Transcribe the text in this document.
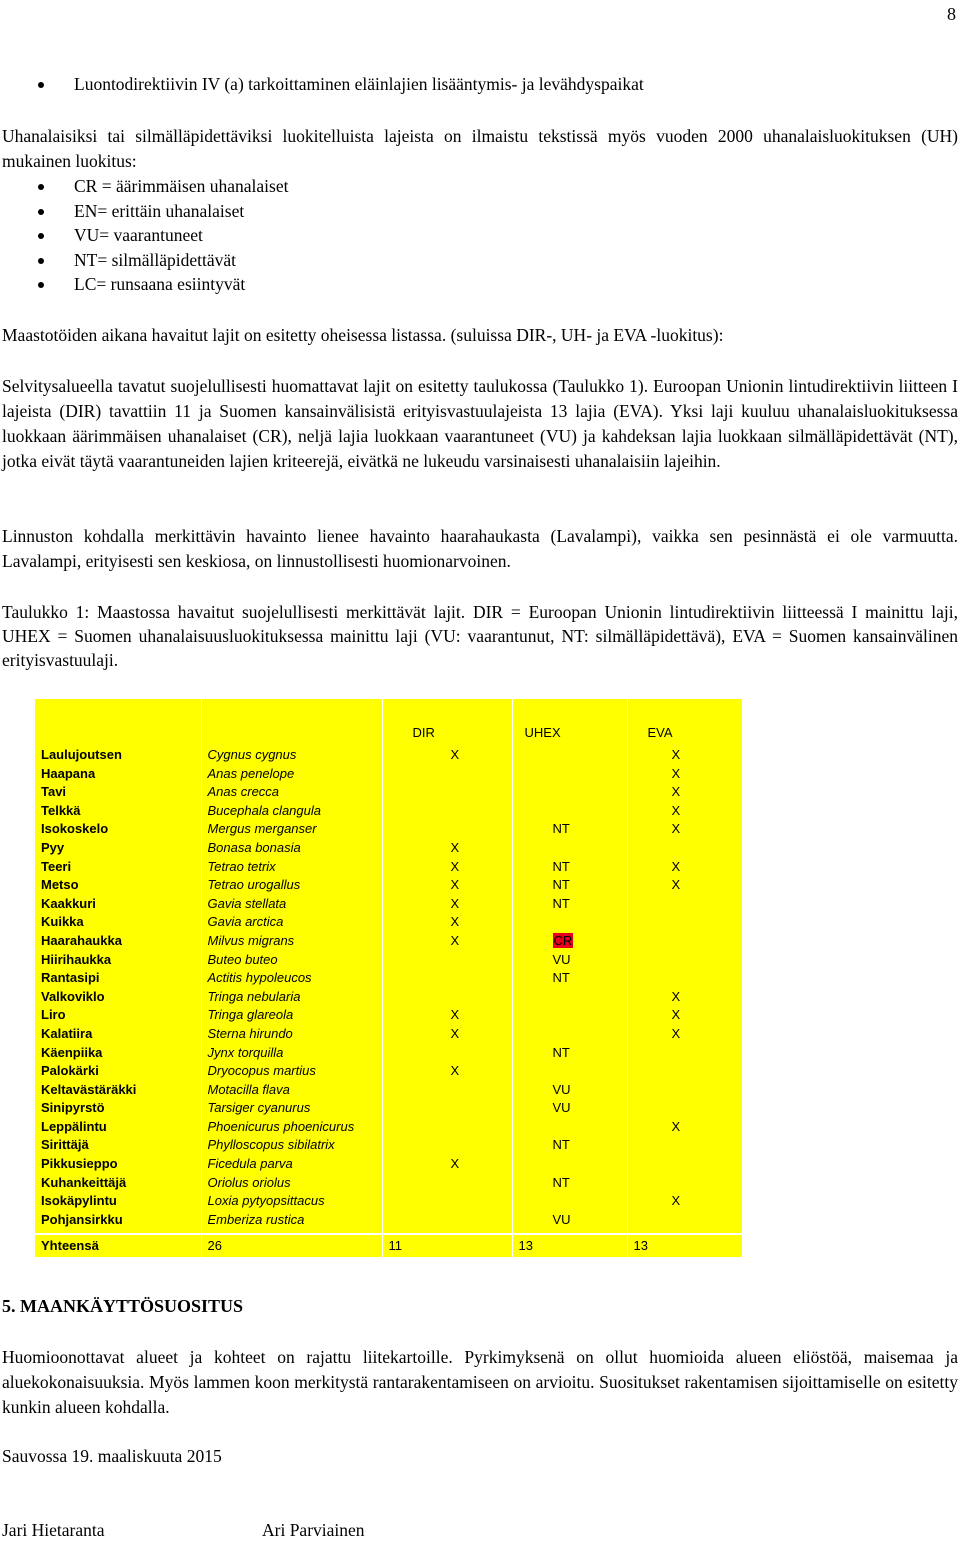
8
Luontodirektiivin IV (a) tarkoittaminen eläinlajien lisääntymis- ja levähdyspaikat

Uhanalaisiksi tai silmälläpidettäviksi luokitelluista lajeista on ilmaistu tekstissä myös vuoden 2000 uhanalaisluokituksen (UH) mukainen luokitus:

CR = äärimmäisen uhanalaiset
EN= erittäin uhanalaiset
VU= vaarantuneet
NT= silmälläpidettävät
LC= runsaana esiintyvät

Maastotöiden aikana havaitut lajit on esitetty oheisessa listassa. (suluissa DIR-, UH- ja EVA -luokitus):

Selvitysalueella tavatut suojelullisesti huomattavat lajit on esitetty taulukossa (Taulukko 1). Euroopan Unionin lintudirektiivin liitteen I lajeista (DIR) tavattiin 11 ja Suomen kansainvälisistä erityisvastuulajeista 13 lajia (EVA). Yksi laji kuuluu uhanalaisluokituksessa luokkaan äärimmäisen uhanalaiset (CR), neljä lajia luokkaan vaarantuneet (VU) ja kahdeksan lajia luokkaan silmälläpidettävät (NT), jotka eivät täytä vaarantuneiden lajien kriteerejä, eivätkä ne lukeudu varsinaisesti uhanalaisiin lajeihin.

Linnuston kohdalla merkittävin havainto lienee havainto haarahaukasta (Lavalampi), vaikka sen pesinnästä ei ole varmuutta. Lavalampi, erityisesti sen keskiosa, on linnustollisesti huomionarvoinen.

Taulukko 1: Maastossa havaitut suojelullisesti merkittävät lajit. DIR = Euroopan Unionin lintudirektiivin liitteessä I mainittu laji, UHEX = Suomen uhanalaisuusluokituksessa mainittu laji (VU: vaarantunut, NT: silmälläpidettävä), EVA = Suomen kansainvälinen erityisvastuulaji.

		DIR	UHEX	EVA
Laulujoutsen	Cygnus cygnus	X		X
Haapana	Anas penelope			X
Tavi	Anas crecca			X
Telkkä	Bucephala clangula			X
Isokoskelo	Mergus merganser		NT	X
Pyy	Bonasa bonasia	X		
Teeri	Tetrao tetrix	X	NT	X
Metso	Tetrao urogallus	X	NT	X
Kaakkuri	Gavia stellata	X	NT	
Kuikka	Gavia arctica	X		
Haarahaukka	Milvus migrans	X	CR	
Hiirihaukka	Buteo buteo		VU	
Rantasipi	Actitis hypoleucos		NT	
Valkoviklo	Tringa nebularia			X
Liro	Tringa glareola	X		X
Kalatiira	Sterna hirundo	X		X
Käenpiika	Jynx torquilla		NT	
Palokärki	Dryocopus martius	X		
Keltavästäräkki	Motacilla flava		VU	
Sinipyrstö	Tarsiger cyanurus		VU	
Leppälintu	Phoenicurus phoenicurus			X
Sirittäjä	Phylloscopus sibilatrix		NT	
Pikkusieppo	Ficedula parva	X		
Kuhankeittäjä	Oriolus oriolus		NT	
Isokäpylintu	Loxia pytyopsittacus			X
Pohjansirkku	Emberiza rustica		VU	
Yhteensä	26	11	13	13
5. MAANKÄYTTÖSUOSITUS

Huomioonottavat alueet ja kohteet on rajattu liitekartoille. Pyrkimyksenä on ollut huomioida alueen eliöstöä, maisemaa ja aluekokonaisuuksia. Myös lammen koon merkitystä rantarakentamiseen on arvioitu. Suositukset rakentamisen sijoittamiselle on esitetty kunkin alueen kohdalla.

Sauvossa 19. maaliskuuta 2015

Jari Hietaranta	Ari Parviainen
